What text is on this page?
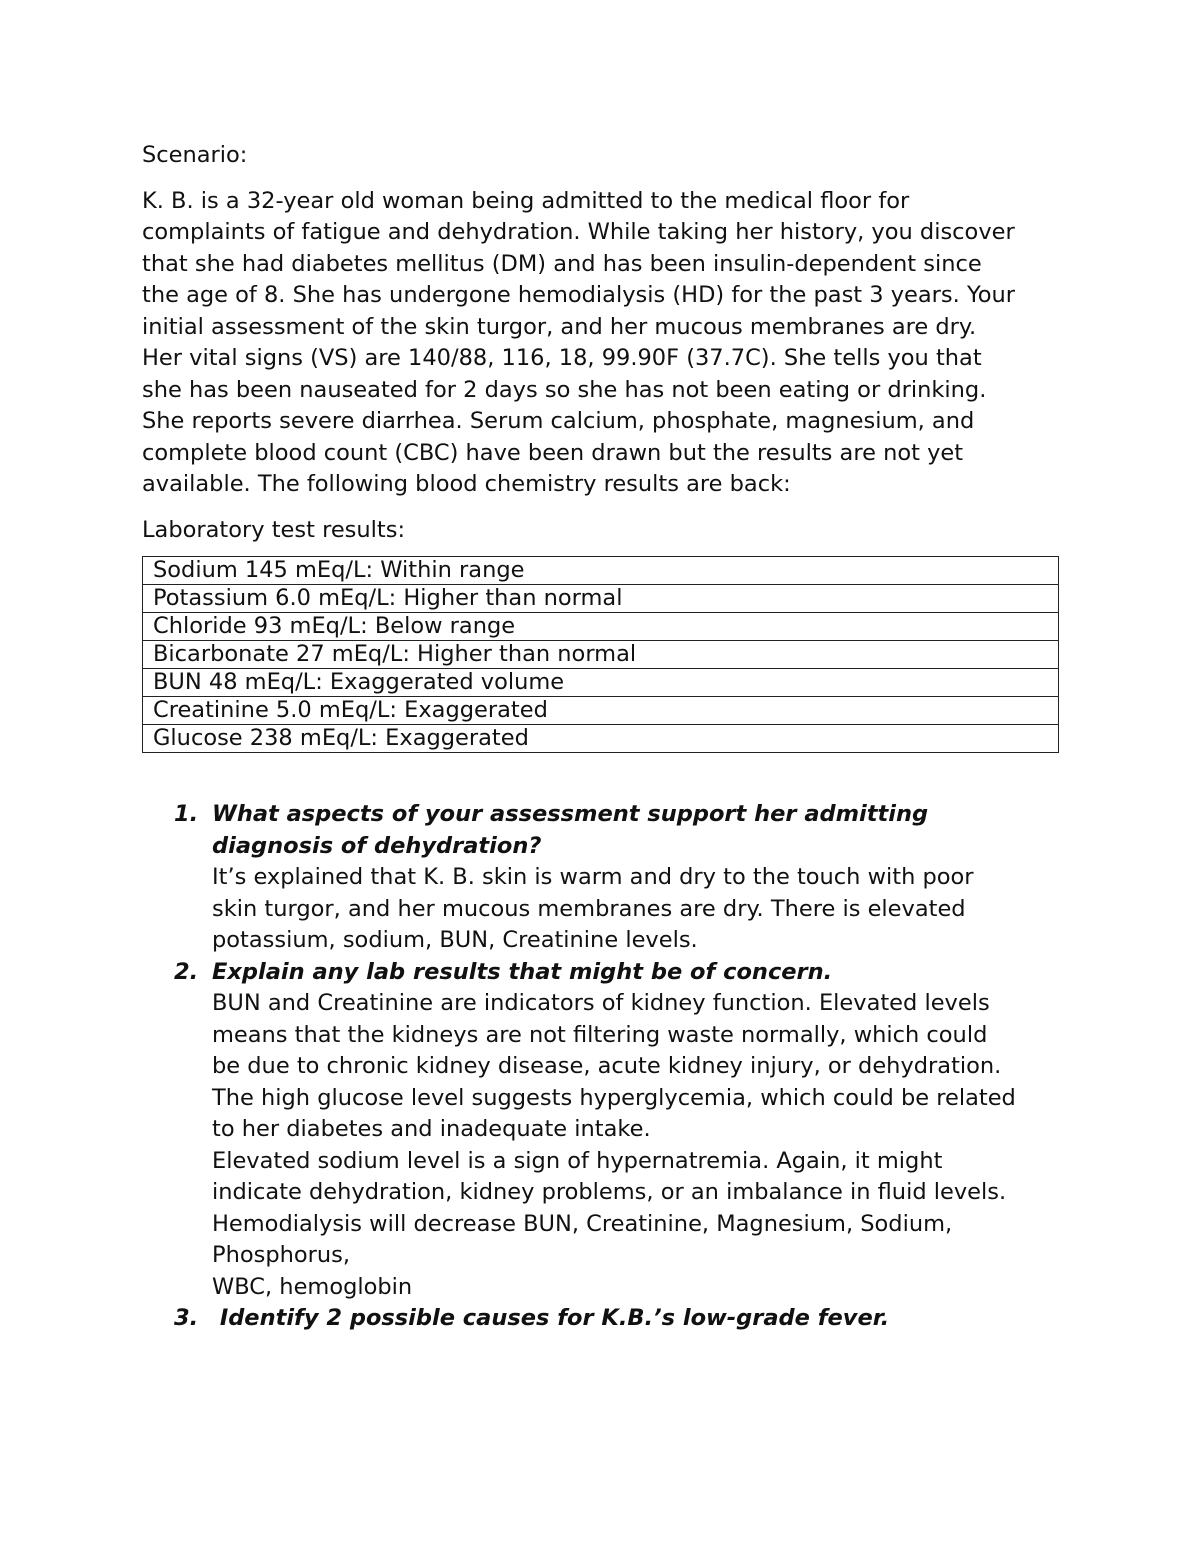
Scenario:
K. B. is a 32-year old woman being admitted to the medical floor for
complaints of fatigue and dehydration. While taking her history, you discover
that she had diabetes mellitus (DM) and has been insulin-dependent since
the age of 8. She has undergone hemodialysis (HD) for the past 3 years. Your
initial assessment of the skin turgor, and her mucous membranes are dry.
Her vital signs (VS) are 140/88, 116, 18, 99.90F (37.7C). She tells you that
she has been nauseated for 2 days so she has not been eating or drinking.
She reports severe diarrhea. Serum calcium, phosphate, magnesium, and
complete blood count (CBC) have been drawn but the results are not yet
available. The following blood chemistry results are back:
Laboratory test results:
Sodium 145 mEq/L: Within range
Potassium 6.0 mEq/L: Higher than normal
Chloride 93 mEq/L: Below range
Bicarbonate 27 mEq/L: Higher than normal
BUN 48 mEq/L: Exaggerated volume
Creatinine 5.0 mEq/L: Exaggerated
Glucose 238 mEq/L: Exaggerated
1. What aspects of your assessment support her admitting
diagnosis of dehydration?
It’s explained that K. B. skin is warm and dry to the touch with poor
skin turgor, and her mucous membranes are dry. There is elevated
potassium, sodium, BUN, Creatinine levels.
2. Explain any lab results that might be of concern.
BUN and Creatinine are indicators of kidney function. Elevated levels
means that the kidneys are not filtering waste normally, which could
be due to chronic kidney disease, acute kidney injury, or dehydration.
The high glucose level suggests hyperglycemia, which could be related
to her diabetes and inadequate intake.
Elevated sodium level is a sign of hypernatremia. Again, it might
indicate dehydration, kidney problems, or an imbalance in fluid levels.
Hemodialysis will decrease BUN, Creatinine, Magnesium, Sodium,
Phosphorus,
WBC, hemoglobin
3. Identify 2 possible causes for K.B.’s low-grade fever.
